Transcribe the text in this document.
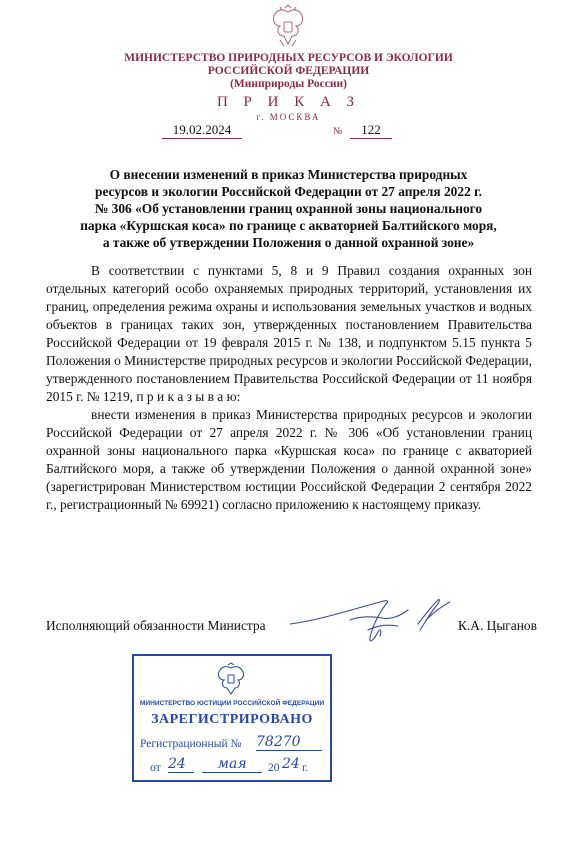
МИНИСТЕРСТВО ПРИРОДНЫХ РЕСУРСОВ И ЭКОЛОГИИ
РОССИЙСКОЙ ФЕДЕРАЦИИ
(Минприроды России)
П Р И К А З
г. МОСКВА
19.02.2024	№	122
О внесении изменений в приказ Министерства природных
ресурсов и экологии Российской Федерации от 27 апреля 2022 г.
№ 306 «Об установлении границ охранной зоны национального
парка «Куршская коса» по границе с акваторией Балтийского моря,
а также об утверждении Положения о данной охранной зоне»

В соответствии с пунктами 5, 8 и 9 Правил создания охранных зон отдельных категорий особо охраняемых природных территорий, установления их границ, определения режима охраны и использования земельных участков и водных объектов в границах таких зон, утвержденных постановлением Правительства Российской Федерации от 19 февраля 2015 г. № 138, и подпунктом 5.15 пункта 5 Положения о Министерстве природных ресурсов и экологии Российской Федерации, утвержденного постановлением Правительства Российской Федерации от 11 ноября 2015 г. № 1219, п р и к а з ы в а ю:

внести изменения в приказ Министерства природных ресурсов и экологии Российской Федерации от 27 апреля 2022 г. № 306 «Об установлении границ охранной зоны национального парка «Куршская коса» по границе с акваторией Балтийского моря, а также об утверждении Положения о данной охранной зоне» (зарегистрирован Министерством юстиции Российской Федерации 2 сентября 2022 г., регистрационный № 69921) согласно приложению к настоящему приказу.

Исполняющий обязанности Министра	К.А. Цыганов
МИНИСТЕРСТВО ЮСТИЦИИ РОССИЙСКОЙ ФЕДЕРАЦИИ
ЗАРЕГИСТРИРОВАНО
Регистрационный № 78270
от 24	мая	20 24 г.
